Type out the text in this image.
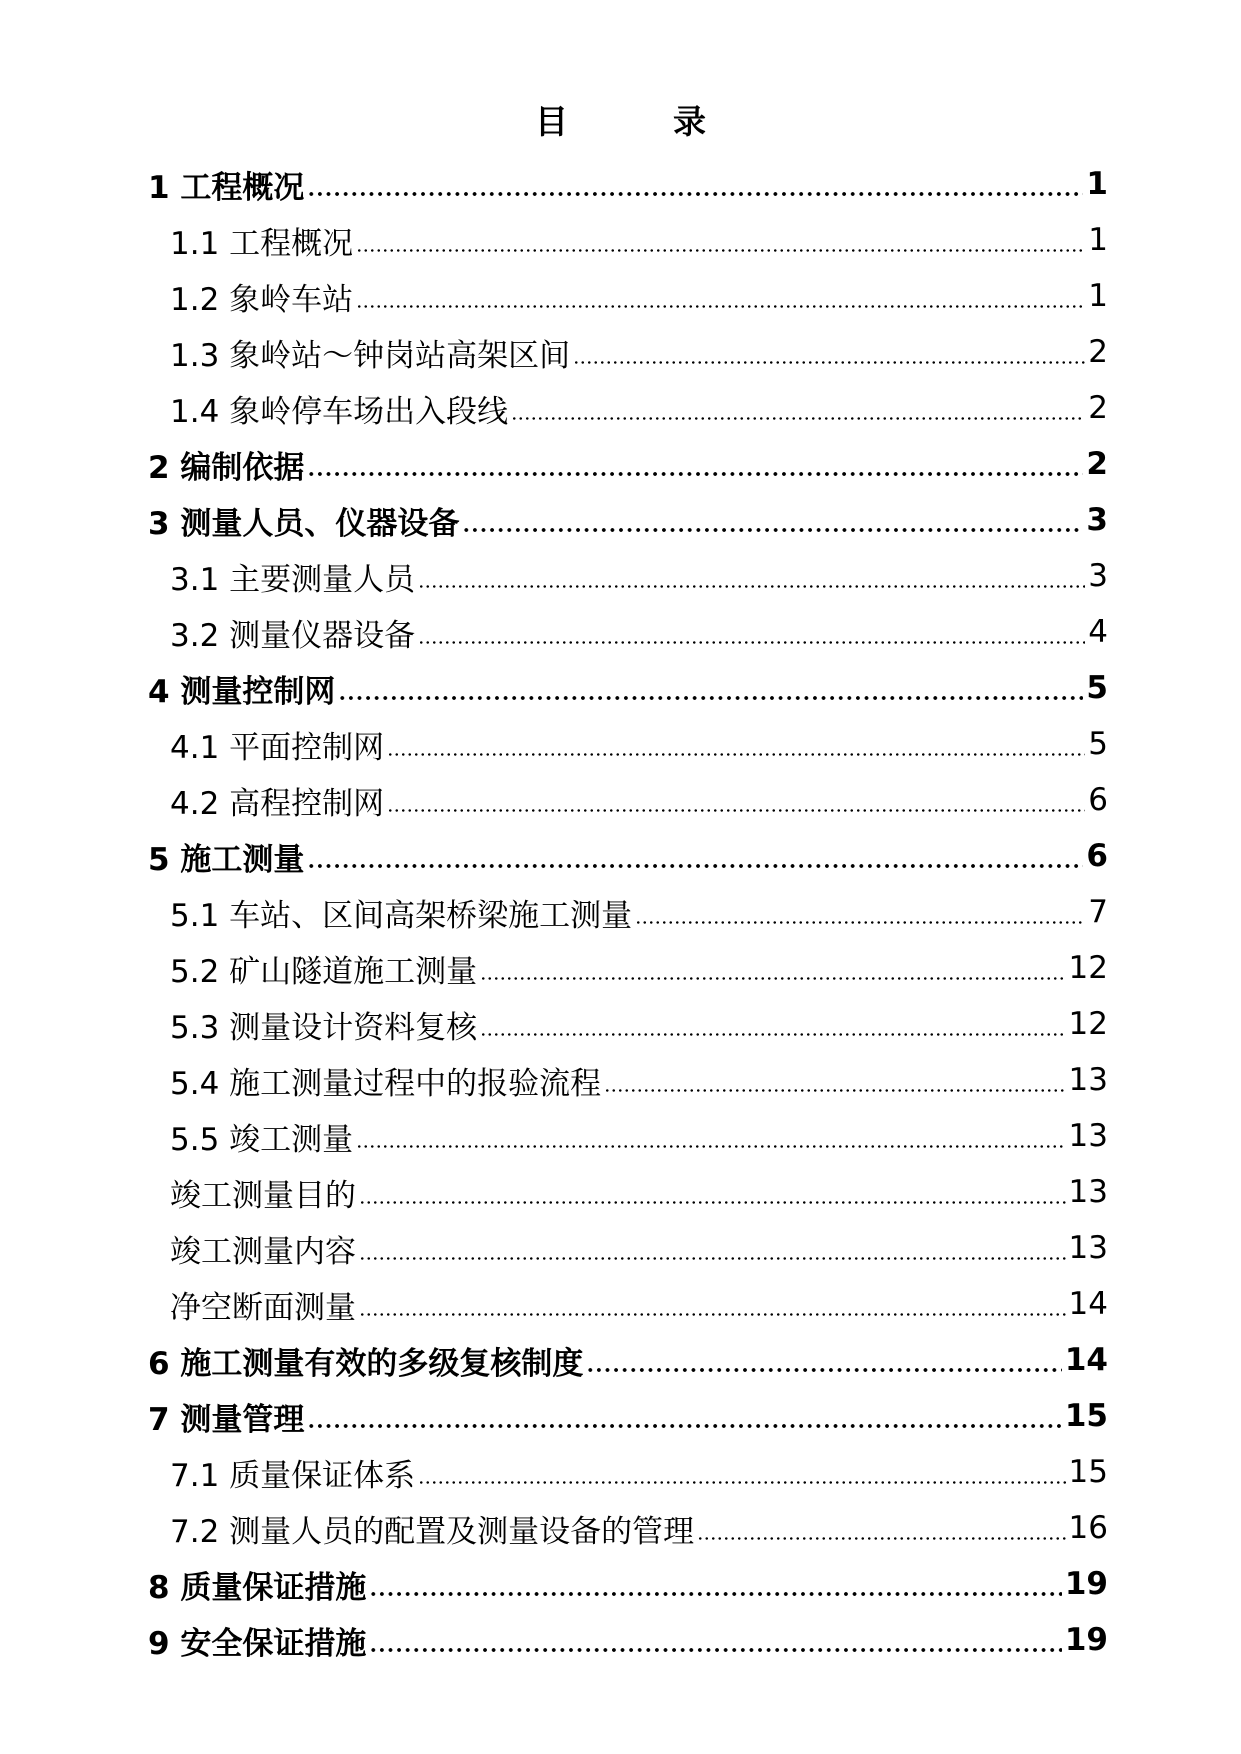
目　录
1 工程概况	1
1.1 工程概况	1
1.2 象岭车站	1
1.3 象岭站～钟岗站高架区间	2
1.4 象岭停车场出入段线	2
2 编制依据	2
3 测量人员、仪器设备	3
3.1 主要测量人员	3
3.2 测量仪器设备	4
4 测量控制网	5
4.1 平面控制网	5
4.2 高程控制网	6
5 施工测量	6
5.1 车站、区间高架桥梁施工测量	7
5.2 矿山隧道施工测量	12
5.3 测量设计资料复核	12
5.4 施工测量过程中的报验流程	13
5.5 竣工测量	13
竣工测量目的	13
竣工测量内容	13
净空断面测量	14
6 施工测量有效的多级复核制度	14
7 测量管理	15
7.1 质量保证体系	15
7.2 测量人员的配置及测量设备的管理	16
8 质量保证措施	19
9 安全保证措施	19
